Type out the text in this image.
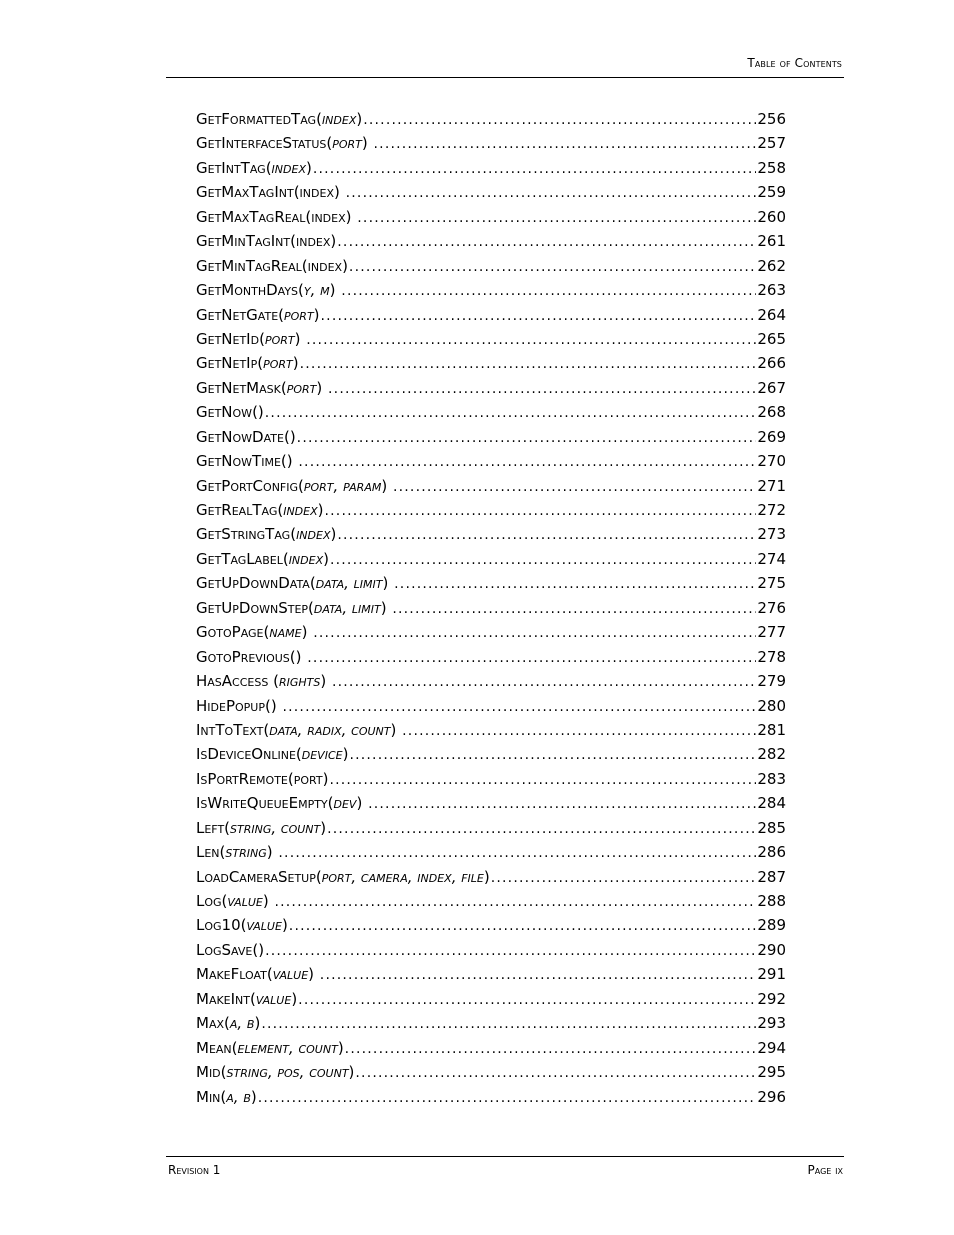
Table of Contents
GetFormattedTag(index) .....	256
GetInterfaceStatus(port) .....	257
GetIntTag(index) .....	258
GetMaxTagInt(index) .....	259
GetMaxTagReal(index) .....	260
GetMinTagInt(index) .....	261
GetMinTagReal(index) .....	262
GetMonthDays(y, m) .....	263
GetNetGate(port) .....	264
GetNetId(port) .....	265
GetNetIp(port) .....	266
GetNetMask(port) .....	267
GetNow() .....	268
GetNowDate() .....	269
GetNowTime() .....	270
GetPortConfig(port, param) .....	271
GetRealTag(index) .....	272
GetStringTag(index) .....	273
GetTagLabel(index) .....	274
GetUpDownData(data, limit) .....	275
GetUpDownStep(data, limit) .....	276
GotoPage(name) .....	277
GotoPrevious() .....	278
HasAccess (rights) .....	279
HidePopup() .....	280
IntToText(data, radix, count) .....	281
IsDeviceOnline(device) .....	282
IsPortRemote(port) .....	283
IsWriteQueueEmpty(dev) .....	284
Left(string, count) .....	285
Len(string) .....	286
LoadCameraSetup(port, camera, index, file) .....	287
Log(value) .....	288
Log10(value) .....	289
LogSave() .....	290
MakeFloat(value) .....	291
MakeInt(value) .....	292
Max(a, b) .....	293
Mean(element, count) .....	294
Mid(string, pos, count) .....	295
Min(a, b) .....	296
Revision 1	Page ix
